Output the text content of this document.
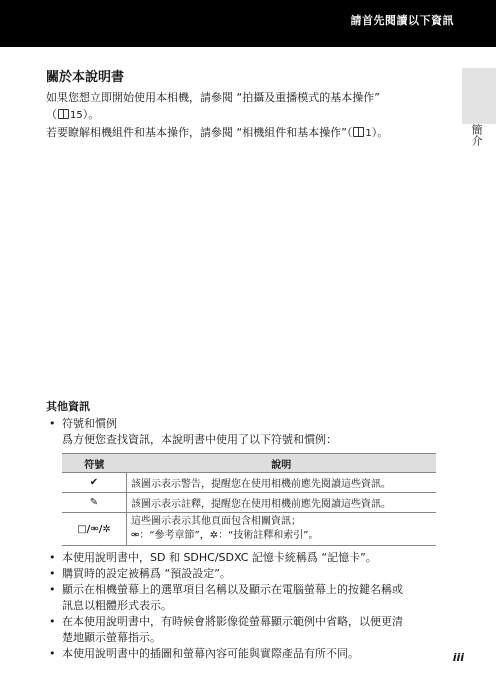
請首先閱讀以下資訊
簡介

關於本說明書

如果您想立即開始使用本相機，請參閱 “拍攝及重播模式的基本操作”
（ 15）。

若要瞭解相機組件和基本操作，請參閱 “相機組件和基本操作”（ 1）。

其他資訊

• 符號和慣例
爲方便您查找資訊，本說明書中使用了以下符號和慣例：
符號	說明
✔	該圖示表示警告，提醒您在使用相機前應先閱讀這些資訊。
✎	該圖示表示註釋，提醒您在使用相機前應先閱讀這些資訊。
□/⚮/✲	這些圖示表示其他頁面包含相關資訊；
⚮：“參考章節”，✲：“技術註釋和索引”。
• 本使用說明書中，SD 和 SDHC/SDXC 記憶卡統稱爲 “記憶卡”。
• 購買時的設定被稱爲 “預設設定”。
• 顯示在相機螢幕上的選單項目名稱以及顯示在電腦螢幕上的按鍵名稱或
訊息以粗體形式表示。
• 在本使用說明書中，有時候會將影像從螢幕顯示範例中省略，以便更清
楚地顯示螢幕指示。
• 本使用說明書中的插圖和螢幕內容可能與實際產品有所不同。	iii
